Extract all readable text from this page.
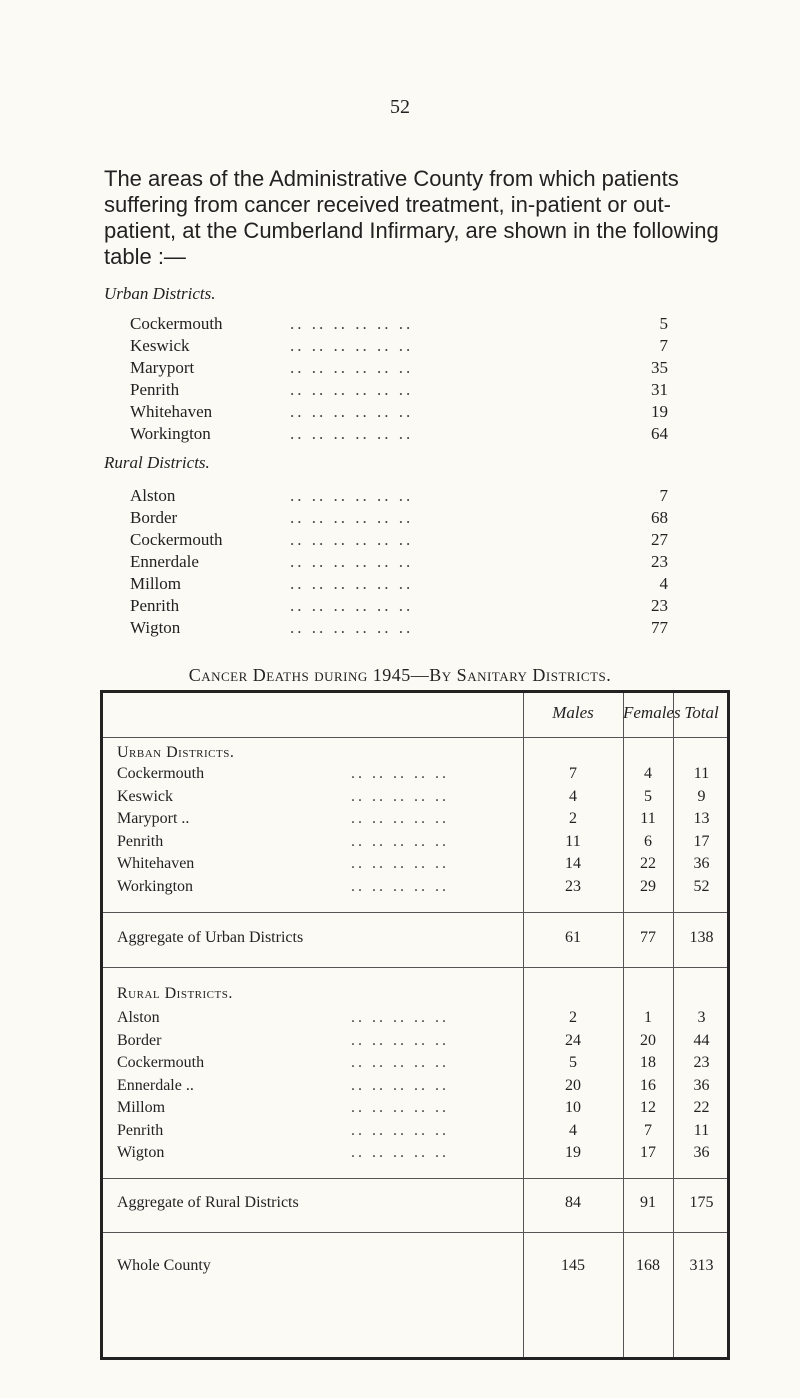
52

The areas of the Administrative County from which patients suffering from cancer received treatment, in-patient or out-patient, at the Cumberland Infirmary, are shown in the following table :—

Urban Districts.
Cockermouth	.. .. .. .. .. ..	5
Keswick	.. .. .. .. .. ..	7
Maryport	.. .. .. .. .. ..	35
Penrith	.. .. .. .. .. ..	31
Whitehaven	.. .. .. .. .. ..	19
Workington	.. .. .. .. .. ..	64
Rural Districts.
Alston	.. .. .. .. .. ..	7
Border	.. .. .. .. .. ..	68
Cockermouth	.. .. .. .. .. ..	27
Ennerdale	.. .. .. .. .. ..	23
Millom	.. .. .. .. .. ..	4
Penrith	.. .. .. .. .. ..	23
Wigton	.. .. .. .. .. ..	77
Cancer Deaths during 1945—By Sanitary Districts.
Males	Females Total
Urban Districts.
Cockermouth	.. .. .. .. ..	7	4	11
Keswick	.. .. .. .. ..	4	5	9
Maryport ..	.. .. .. .. ..	2	11	13
Penrith	.. .. .. .. ..	11	6	17
Whitehaven	.. .. .. .. ..	14	22	36
Workington	.. .. .. .. ..	23	29	52
Aggregate of Urban Districts	61	77	138
Rural Districts.
Alston	.. .. .. .. ..	2	1	3
Border	.. .. .. .. ..	24	20	44
Cockermouth	.. .. .. .. ..	5	18	23
Ennerdale ..	.. .. .. .. ..	20	16	36
Millom	.. .. .. .. ..	10	12	22
Penrith	.. .. .. .. ..	4	7	11
Wigton	.. .. .. .. ..	19	17	36
Aggregate of Rural Districts	84	91	175
Whole County	145	168	313
